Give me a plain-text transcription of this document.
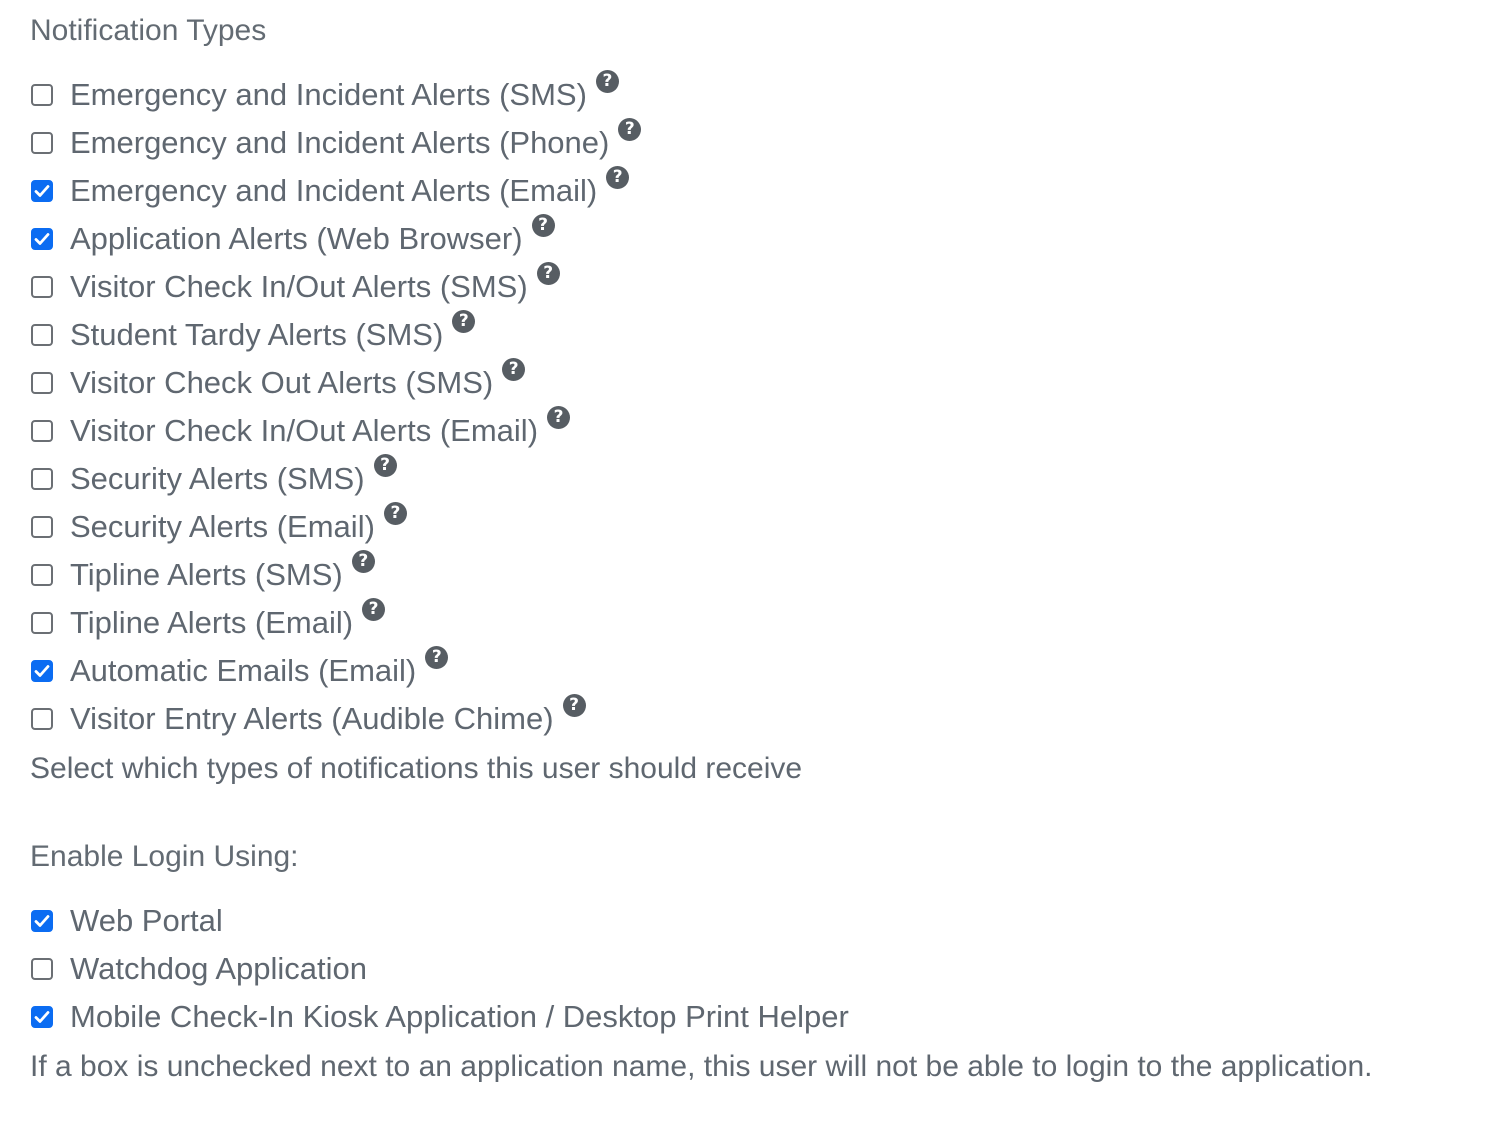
Notification Types
Emergency and Incident Alerts (SMS) ?
Emergency and Incident Alerts (Phone) ?
Emergency and Incident Alerts (Email) ?
Application Alerts (Web Browser) ?
Visitor Check In/Out Alerts (SMS) ?
Student Tardy Alerts (SMS) ?
Visitor Check Out Alerts (SMS) ?
Visitor Check In/Out Alerts (Email) ?
Security Alerts (SMS) ?
Security Alerts (Email) ?
Tipline Alerts (SMS) ?
Tipline Alerts (Email) ?
Automatic Emails (Email) ?
Visitor Entry Alerts (Audible Chime) ?
Select which types of notifications this user should receive
Enable Login Using:
Web Portal
Watchdog Application
Mobile Check-In Kiosk Application / Desktop Print Helper
If a box is unchecked next to an application name, this user will not be able to login to the application.
